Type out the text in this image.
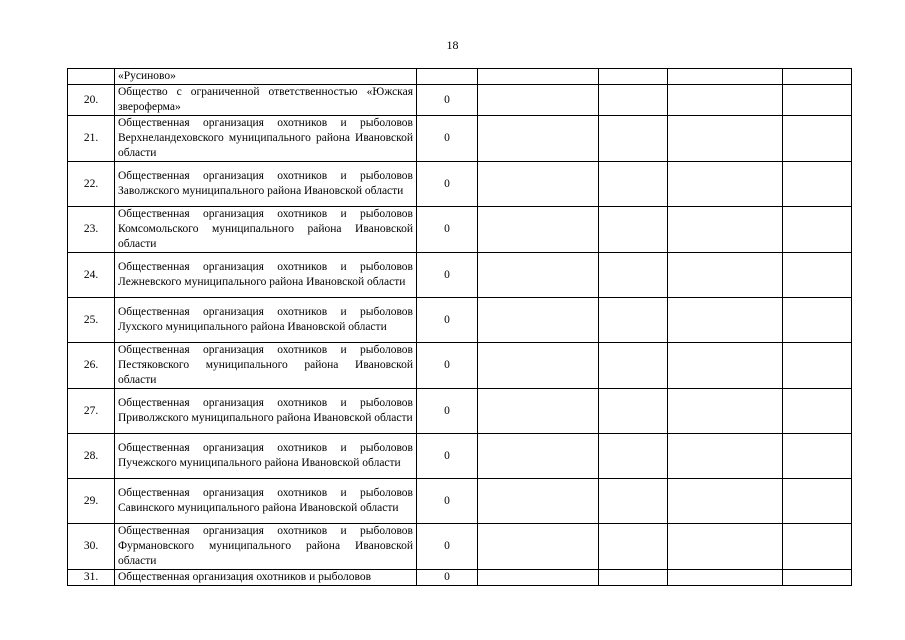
18
	«Русиново»					
20.	Общество с ограниченной ответственностью «Южская звероферма»	0				
21.	Общественная организация охотников и рыболовов Верхнеландеховского муниципального района Ивановской области	0				
22.	Общественная организация охотников и рыболовов Заволжского муниципального района Ивановской области	0				
23.	Общественная организация охотников и рыболовов Комсомольского муниципального района Ивановской области	0				
24.	Общественная организация охотников и рыболовов Лежневского муниципального района Ивановской области	0				
25.	Общественная организация охотников и рыболовов Лухского муниципального района Ивановской области	0				
26.	Общественная организация охотников и рыболовов Пестяковского муниципального района Ивановской области	0				
27.	Общественная организация охотников и рыболовов Приволжского муниципального района Ивановской области	0				
28.	Общественная организация охотников и рыболовов Пучежского муниципального района Ивановской области	0				
29.	Общественная организация охотников и рыболовов Савинского муниципального района Ивановской области	0				
30.	Общественная организация охотников и рыболовов Фурмановского муниципального района Ивановской области	0				
31.	Общественная организация охотников и рыболовов	0				
